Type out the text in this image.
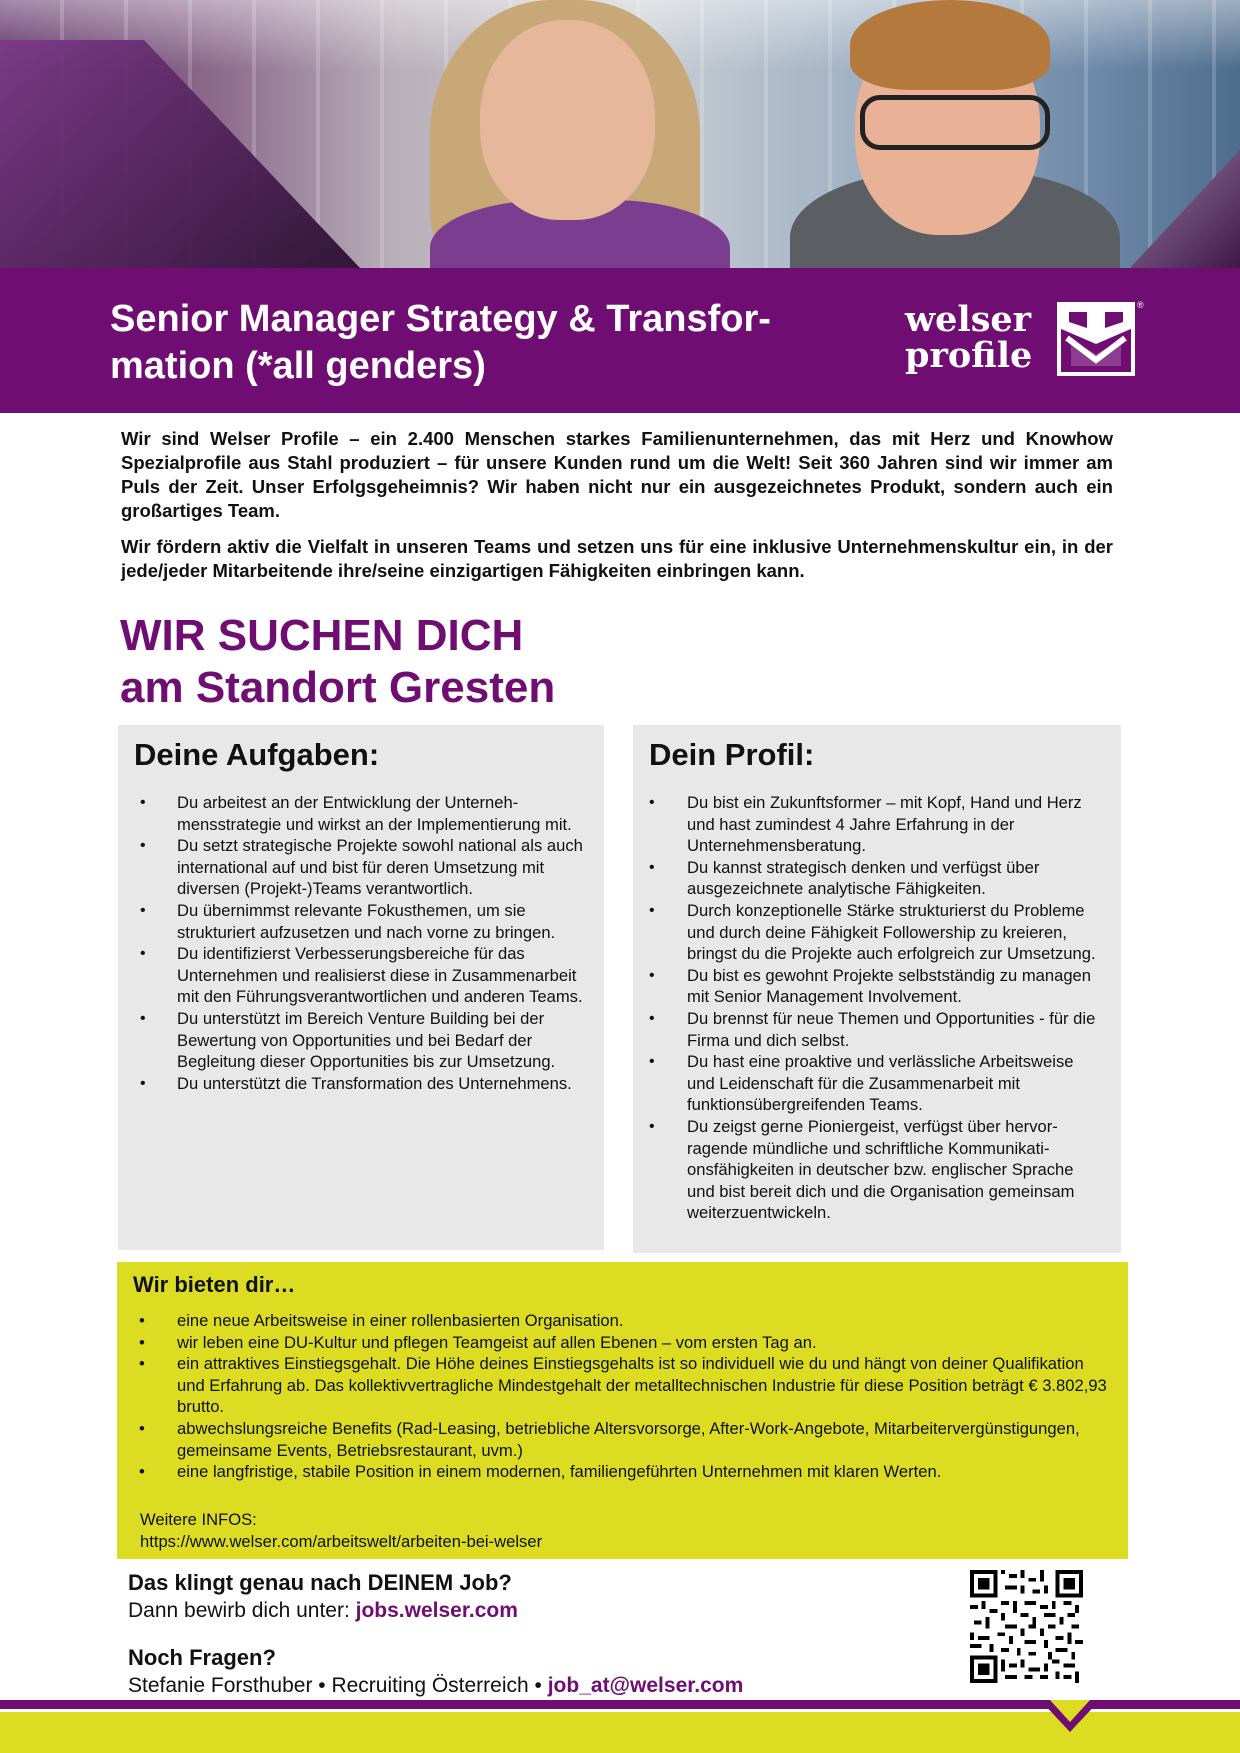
Senior Manager Strategy & Transformation (*all genders)
welser
profile
®

Wir sind Welser Profile – ein 2.400 Menschen starkes Familienunternehmen, das mit Herz und Knowhow Spezialprofile aus Stahl produziert – für unsere Kunden rund um die Welt! Seit 360 Jahren sind wir immer am Puls der Zeit. Unser Erfolgsgeheimnis? Wir haben nicht nur ein ausgezeichnetes Produkt, sondern auch ein großartiges Team.

Wir fördern aktiv die Vielfalt in unseren Teams und setzen uns für eine inklusive Unternehmenskultur ein, in der jede/jeder Mitarbeitende ihre/seine einzigartigen Fähigkeiten einbringen kann.

WIR SUCHEN DICH
am Standort Gresten
Deine Aufgaben:
• Du arbeitest an der Entwicklung der Unternehmensstrategie und wirkst an der Implementierung mit.
• Du setzt strategische Projekte sowohl national als auch international auf und bist für deren Umsetzung mit diversen (Projekt-)Teams verantwortlich.
• Du übernimmst relevante Fokusthemen, um sie strukturiert aufzusetzen und nach vorne zu bringen.
• Du identifizierst Verbesserungsbereiche für das Unternehmen und realisierst diese in Zusammenarbeit mit den Führungsverantwortlichen und anderen Teams.
• Du unterstützt im Bereich Venture Building bei der Bewertung von Opportunities und bei Bedarf der Begleitung dieser Opportunities bis zur Umsetzung.
• Du unterstützt die Transformation des Unternehmens.
Dein Profil:
• Du bist ein Zukunftsformer – mit Kopf, Hand und Herz und hast zumindest 4 Jahre Erfahrung in der Unternehmensberatung.
• Du kannst strategisch denken und verfügst über ausgezeichnete analytische Fähigkeiten.
• Durch konzeptionelle Stärke strukturierst du Probleme und durch deine Fähigkeit Followership zu kreieren, bringst du die Projekte auch erfolgreich zur Umsetzung.
• Du bist es gewohnt Projekte selbstständig zu managen mit Senior Management Involvement.
• Du brennst für neue Themen und Opportunities - für die Firma und dich selbst.
• Du hast eine proaktive und verlässliche Arbeitsweise und Leidenschaft für die Zusammenarbeit mit funktionsübergreifenden Teams.
• Du zeigst gerne Pioniergeist, verfügst über hervorragende mündliche und schriftliche Kommunikationsfähigkeiten in deutscher bzw. englischer Sprache und bist bereit dich und die Organisation gemeinsam weiterzuentwickeln.
Wir bieten dir…
• eine neue Arbeitsweise in einer rollenbasierten Organisation.
• wir leben eine DU-Kultur und pflegen Teamgeist auf allen Ebenen – vom ersten Tag an.
• ein attraktives Einstiegsgehalt. Die Höhe deines Einstiegsgehalts ist so individuell wie du und hängt von deiner Qualifikation und Erfahrung ab. Das kollektivvertragliche Mindestgehalt der metalltechnischen Industrie für diese Position beträgt € 3.802,93 brutto.
• abwechslungsreiche Benefits (Rad-Leasing, betriebliche Altersvorsorge, After-Work-Angebote, Mitarbeitervergünstigungen, gemeinsame Events, Betriebsrestaurant, uvm.)
• eine langfristige, stabile Position in einem modernen, familiengeführten Unternehmen mit klaren Werten.
Weitere INFOS:
https://www.welser.com/arbeitswelt/arbeiten-bei-welser
Das klingt genau nach DEINEM Job?
Dann bewirb dich unter: jobs.welser.com
Noch Fragen?
Stefanie Forsthuber • Recruiting Österreich • job_at@welser.com
